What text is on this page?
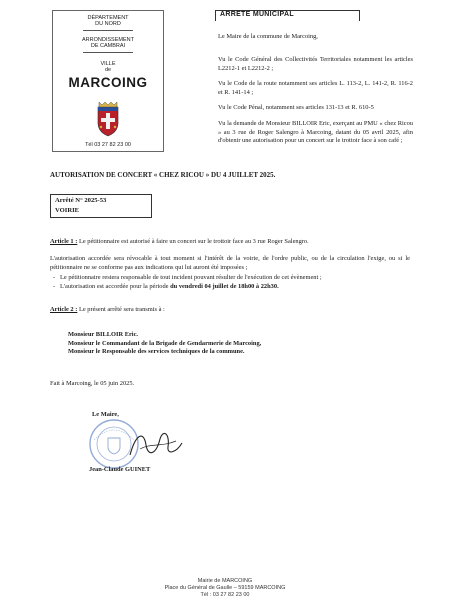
DÉPARTEMENT
DU NORD
ARRONDISSEMENT
DE CAMBRAI
VILLE
de
MARCOING
Tél 03 27 82 23 00
ARRETE MUNICIPAL
Le Maire de la commune de Marcoing,
Vu le Code Général des Collectivités Territoriales notamment les articles L2212-1 et L2212-2 ;
Vu le Code de la route notamment ses articles L. 113-2, L. 141-2, R. 116-2 et R. 141-14 ;
Vu le Code Pénal, notamment ses articles 131-13 et R. 610-5
Vu la demande de Monsieur BILLOIR Eric, exerçant au PMU « chez Ricou » au 3 rue de Roger Salengro à Marcoing, datant du 05 avril 2025, afin d'obtenir une autorisation pour un concert sur le trottoir face à son café ;
AUTORISATION DE CONCERT « CHEZ RICOU » DU 4 JUILLET 2025.
Arrêté N° 2025-53
VOIRIE
Article 1 : Le pétitionnaire est autorisé à faire un concert sur le trottoir face au 3 rue Roger Salengro.
L'autorisation accordée sera révocable à tout moment si l'intérêt de la voirie, de l'ordre public, ou de la circulation l'exige, ou si le pétitionnaire ne se conforme pas aux indications qui lui auront été imposées ;
- Le pétitionnaire restera responsable de tout incident pouvant résulter de l'exécution de cet évènement ;
- L'autorisation est accordée pour la période du vendredi 04 juillet de 18h00 à 22h30.
Article 2 : Le présent arrêté sera transmis à :
Monsieur BILLOIR Eric.
Monsieur le Commandant de la Brigade de Gendarmerie de Marcoing,
Monsieur le Responsable des services techniques de la commune.
Fait à Marcoing, le 05 juin 2025.
Le Maire,
Jean-Claude GUINET
Mairie de MARCOING
Place du Général de Gaulle – 59159 MARCOING
Tél : 03 27 82 23 00
